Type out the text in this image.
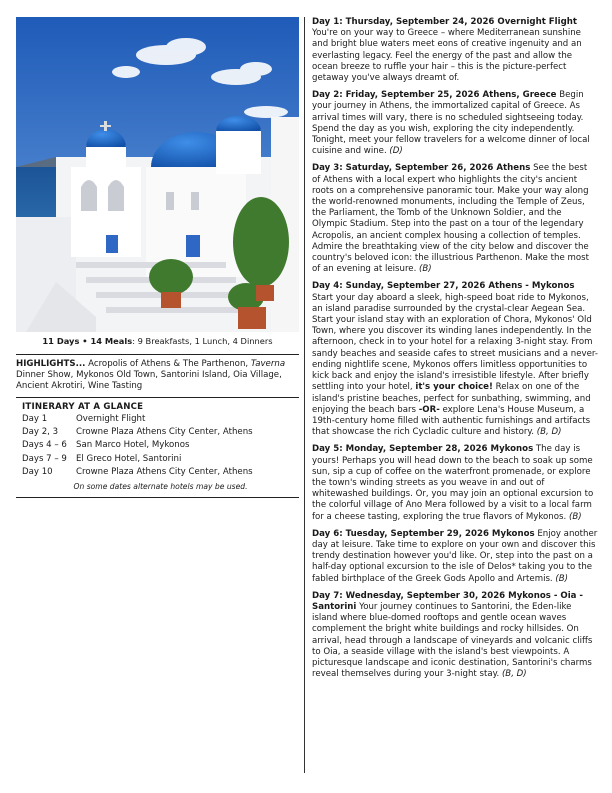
11 Days • 14 Meals: 9 Breakfasts, 1 Lunch, 4 Dinners
HIGHLIGHTS... Acropolis of Athens & The Parthenon, Taverna Dinner Show, Mykonos Old Town, Santorini Island, Oia Village, Ancient Akrotiri, Wine Tasting
ITINERARY AT A GLANCE
Day 1	Overnight Flight
Day 2, 3	Crowne Plaza Athens City Center, Athens
Days 4 – 6	San Marco Hotel, Mykonos
Days 7 – 9	El Greco Hotel, Santorini
Day 10	Crowne Plaza Athens City Center, Athens
On some dates alternate hotels may be used.
Day 1: Thursday, September 24, 2026 Overnight Flight You're on your way to Greece – where Mediterranean sunshine and bright blue waters meet eons of creative ingenuity and an everlasting legacy. Feel the energy of the past and allow the ocean breeze to ruffle your hair – this is the picture-perfect getaway you've always dreamt of.
Day 2: Friday, September 25, 2026 Athens, Greece Begin your journey in Athens, the immortalized capital of Greece. As arrival times will vary, there is no scheduled sightseeing today. Spend the day as you wish, exploring the city independently. Tonight, meet your fellow travelers for a welcome dinner of local cuisine and wine. (D)
Day 3: Saturday, September 26, 2026 Athens See the best of Athens with a local expert who highlights the city's ancient roots on a comprehensive panoramic tour. Make your way along the world-renowned monuments, including the Temple of Zeus, the Parliament, the Tomb of the Unknown Soldier, and the Olympic Stadium. Step into the past on a tour of the legendary Acropolis, an ancient complex housing a collection of temples. Admire the breathtaking view of the city below and discover the country's beloved icon: the illustrious Parthenon. Make the most of an evening at leisure. (B)
Day 4: Sunday, September 27, 2026 Athens - Mykonos Start your day aboard a sleek, high-speed boat ride to Mykonos, an island paradise surrounded by the crystal-clear Aegean Sea. Start your island stay with an exploration of Chora, Mykonos' Old Town, where you discover its winding lanes independently. In the afternoon, check in to your hotel for a relaxing 3-night stay. From sandy beaches and seaside cafes to street musicians and a never-ending nightlife scene, Mykonos offers limitless opportunities to kick back and enjoy the island's irresistible lifestyle. After briefly settling into your hotel, it's your choice! Relax on one of the island's pristine beaches, perfect for sunbathing, swimming, and enjoying the beach bars -OR- explore Lena's House Museum, a 19th-century home filled with authentic furnishings and artifacts that showcase the rich Cycladic culture and history. (B, D)
Day 5: Monday, September 28, 2026 Mykonos The day is yours! Perhaps you will head down to the beach to soak up some sun, sip a cup of coffee on the waterfront promenade, or explore the town's winding streets as you weave in and out of whitewashed buildings. Or, you may join an optional excursion to the colorful village of Ano Mera followed by a visit to a local farm for a cheese tasting, exploring the true flavors of Mykonos. (B)
Day 6: Tuesday, September 29, 2026 Mykonos Enjoy another day at leisure. Take time to explore on your own and discover this trendy destination however you'd like. Or, step into the past on a half-day optional excursion to the isle of Delos* taking you to the fabled birthplace of the Greek Gods Apollo and Artemis. (B)
Day 7: Wednesday, September 30, 2026 Mykonos - Oia - Santorini Your journey continues to Santorini, the Eden-like island where blue-domed rooftops and gentle ocean waves complement the bright white buildings and rocky hillsides. On arrival, head through a landscape of vineyards and volcanic cliffs to Oia, a seaside village with the island's best viewpoints. A picturesque landscape and iconic destination, Santorini's charms reveal themselves during your 3-night stay. (B, D)
